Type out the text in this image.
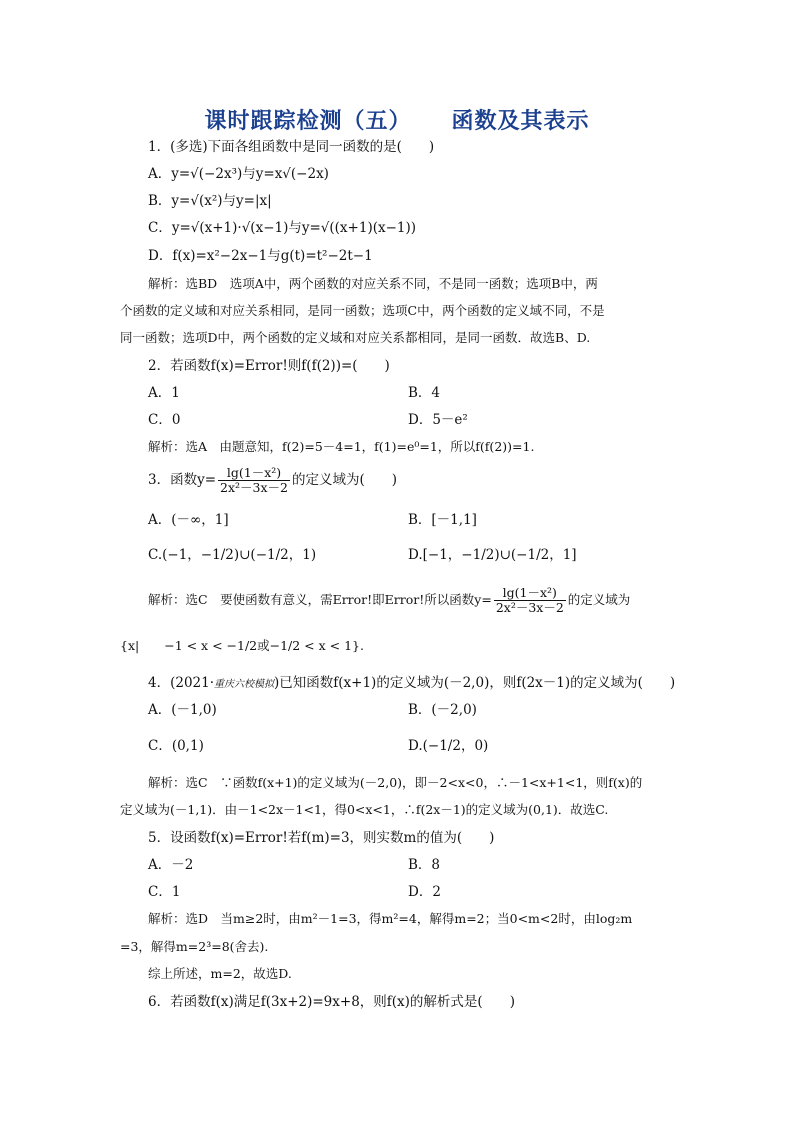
课时跟踪检测（五） 函数及其表示
1．(多选)下面各组函数中是同一函数的是(　　)
A．y=√(−2x³)与y=x√(−2x)
B．y=√(x²)与y=|x|
C．y=√(x+1)·√(x−1)与y=√((x+1)(x−1))
D．f(x)=x²−2x−1与g(t)=t²−2t−1
解析：选BD　选项A中，两个函数的对应关系不同，不是同一函数；选项B中，两
个函数的定义域和对应关系相同，是同一函数；选项C中，两个函数的定义域不同，不是
同一函数；选项D中，两个函数的定义域和对应关系都相同，是同一函数．故选B、D.
2．若函数f(x)=Error!则f(f(2))=(　　)
A．1	B．4
C．0	D．5－e²
解析：选A　由题意知，f(2)=5－4=1，f(1)=e⁰=1，所以f(f(2))=1.
3．函数$y= \frac{\text{lg(1－x²)}}{\text{2x²－3x－2}}$ 的定义域为(　　)
A．(－∞，1]	B．[－1,1]
C.(−1，−1/2)∪(−1/2，1)	D.[−1，−1/2)∪(−1/2，1]
解析：选C　要使函数有意义，需Error!即Error!所以函数$y= \frac{\text{lg(1－x²)}}{\text{2x²－3x－2}}$ 的定义域为
{x|　　−1 < x < −1/2或−1/2 < x < 1}.
4．(2021·重庆六校模拟)已知函数f(x+1)的定义域为(－2,0)，则f(2x－1)的定义域为(　　)
A．(－1,0)	B．(－2,0)
C．(0,1)	D.(−1/2，0)
解析：选C　∵函数f(x+1)的定义域为(－2,0)，即－2<x<0，∴－1<x+1<1，则f(x)的
定义域为(－1,1)．由－1<2x－1<1，得0<x<1，∴f(2x－1)的定义域为(0,1)．故选C.
5．设函数f(x)=Error!若f(m)=3，则实数m的值为(　　)
A．－2	B．8
C．1	D．2
解析：选D　当m≥2时，由m²－1=3，得m²=4，解得m=2；当0<m<2时，由log₂m
=3，解得m=2³=8(舍去).
综上所述，m=2，故选D.
6．若函数f(x)满足f(3x+2)=9x+8，则f(x)的解析式是(　　)
